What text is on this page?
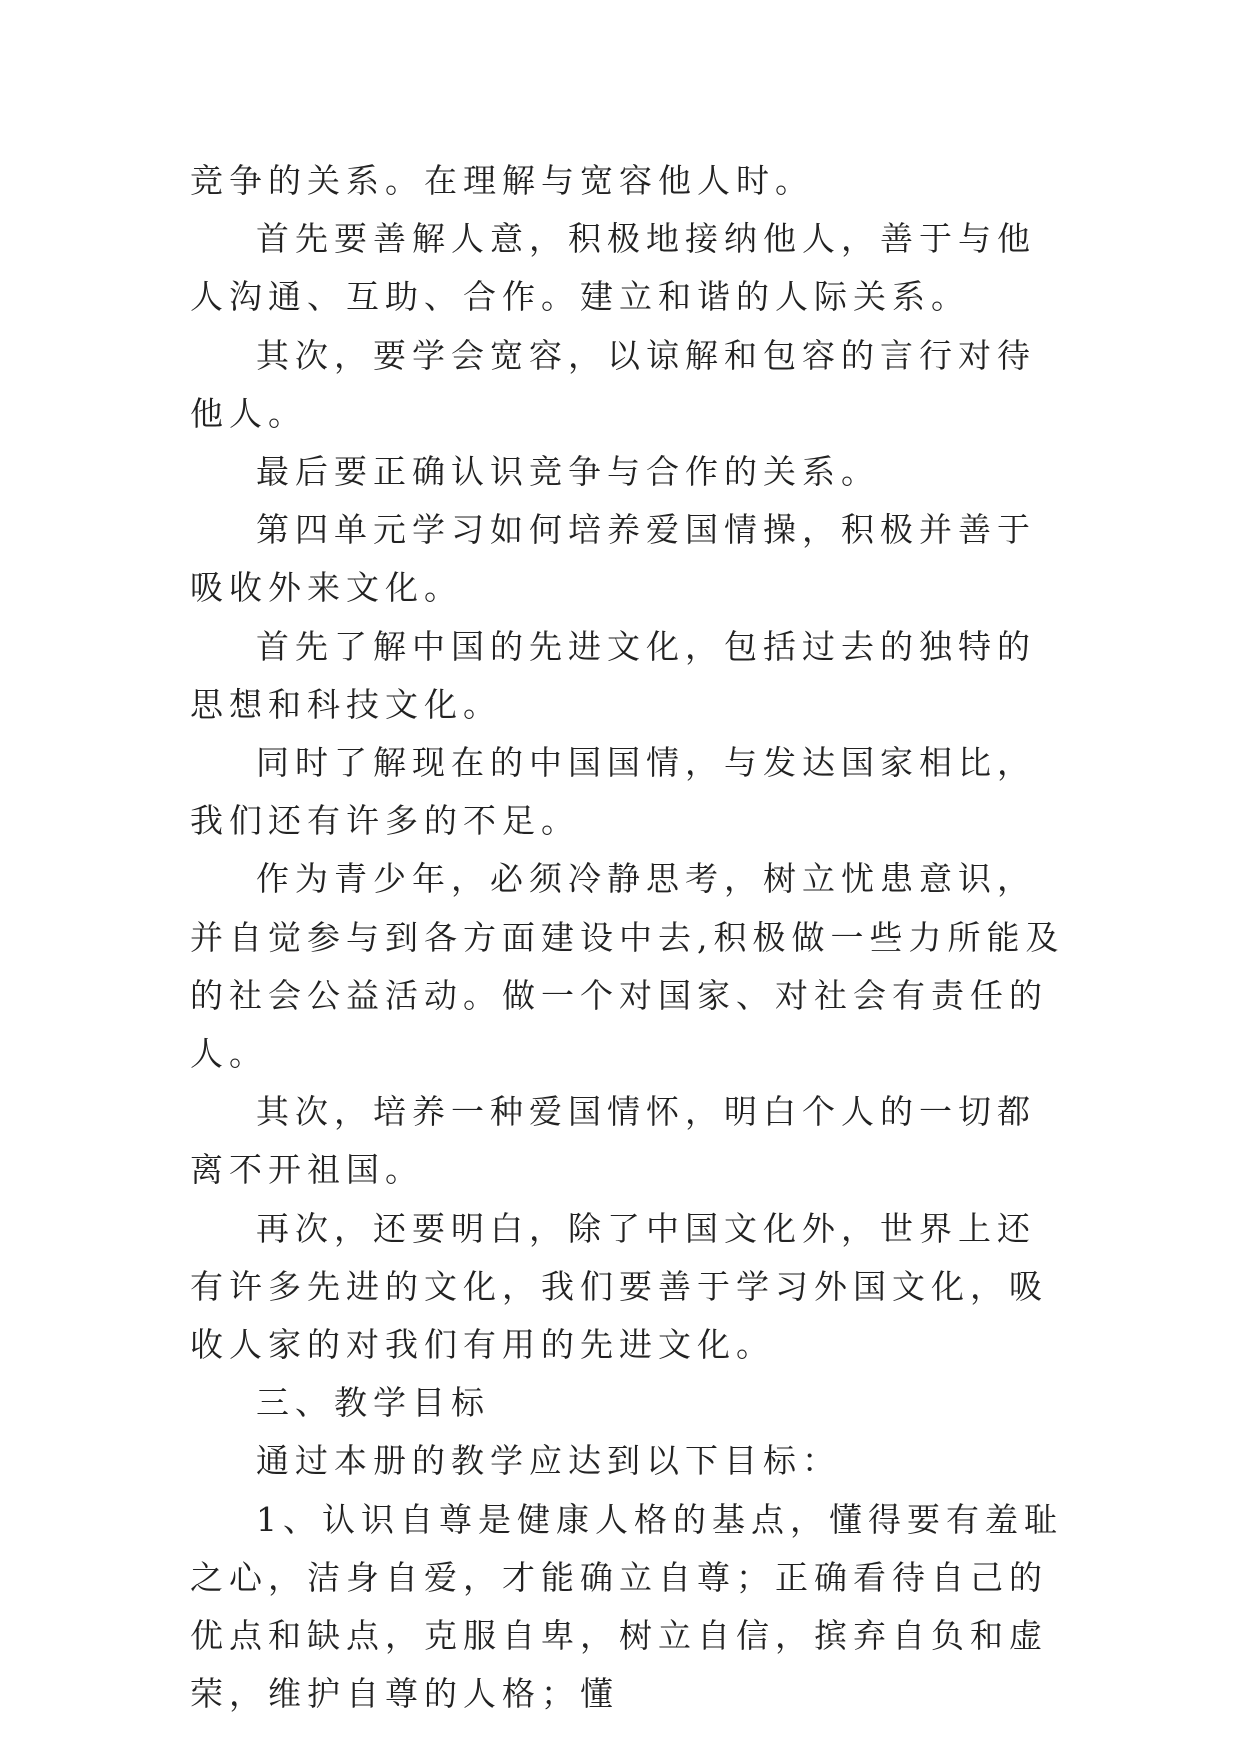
竞争的关系。在理解与宽容他人时。

首先要善解人意，积极地接纳他人，善于与他人沟通、互助、合作。建立和谐的人际关系。

其次，要学会宽容，以谅解和包容的言行对待他人。

最后要正确认识竞争与合作的关系。

第四单元学习如何培养爱国情操，积极并善于吸收外来文化。

首先了解中国的先进文化，包括过去的独特的思想和科技文化。

同时了解现在的中国国情，与发达国家相比，我们还有许多的不足。

作为青少年，必须冷静思考，树立忧患意识，并自觉参与到各方面建设中去,积极做一些力所能及的社会公益活动。做一个对国家、对社会有责任的人。

其次，培养一种爱国情怀，明白个人的一切都离不开祖国。

再次，还要明白，除了中国文化外，世界上还有许多先进的文化，我们要善于学习外国文化，吸收人家的对我们有用的先进文化。

三、教学目标

通过本册的教学应达到以下目标：

1、认识自尊是健康人格的基点，懂得要有羞耻之心，洁身自爱，才能确立自尊；正确看待自己的优点和缺点，克服自卑，树立自信，摈弃自负和虚荣，维护自尊的人格；懂
